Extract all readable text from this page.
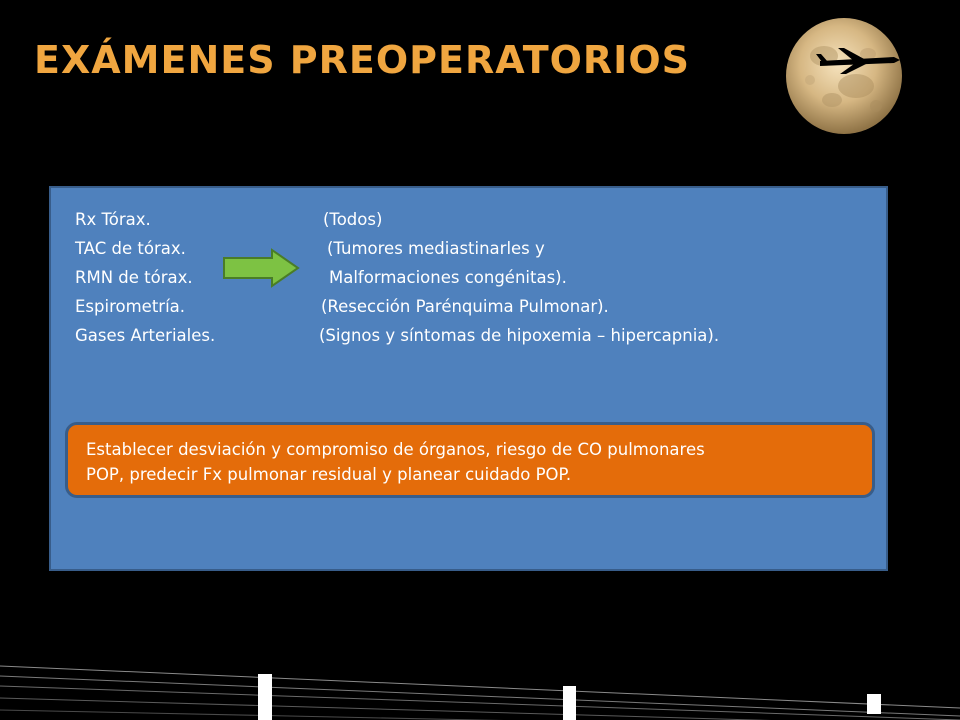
EXÁMENES PREOPERATORIOS
Rx Tórax.	(Todos)
TAC de tórax.	(Tumores mediastinarles y
RMN de tórax.	Malformaciones congénitas).
Espirometría.	(Resección Parénquima Pulmonar).
Gases Arteriales.	(Signos y síntomas de hipoxemia – hipercapnia).

Establecer desviación y compromiso de órganos, riesgo de CO pulmonares

POP, predecir Fx pulmonar residual y planear cuidado POP.
